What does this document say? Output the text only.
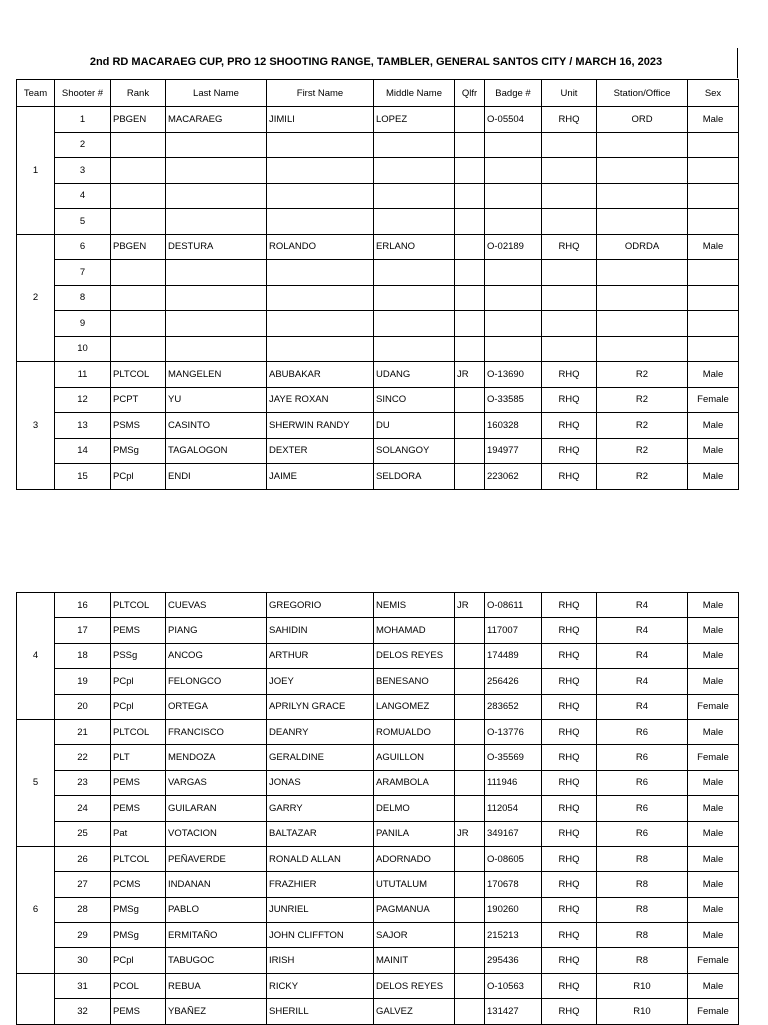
2nd RD MACARAEG CUP, PRO 12 SHOOTING RANGE, TAMBLER, GENERAL SANTOS CITY / MARCH 16, 2023
Team	Shooter #	Rank	Last Name	First Name	Middle Name	Qlfr	Badge #	Unit	Station/Office	Sex
1	1	PBGEN	MACARAEG	JIMILI	LOPEZ		O-05504	RHQ	ORD	Male
	2									
	3									
	4									
	5									
2	6	PBGEN	DESTURA	ROLANDO	ERLANO		O-02189	RHQ	ODRDA	Male
	7									
	8									
	9									
	10									
3	11	PLTCOL	MANGELEN	ABUBAKAR	UDANG	JR	O-13690	RHQ	R2	Male
	12	PCPT	YU	JAYE ROXAN	SINCO		O-33585	RHQ	R2	Female
	13	PSMS	CASINTO	SHERWIN RANDY	DU		160328	RHQ	R2	Male
	14	PMSg	TAGALOGON	DEXTER	SOLANGOY		194977	RHQ	R2	Male
	15	PCpl	ENDI	JAIME	SELDORA		223062	RHQ	R2	Male
4	16	PLTCOL	CUEVAS	GREGORIO	NEMIS	JR	O-08611	RHQ	R4	Male
	17	PEMS	PIANG	SAHIDIN	MOHAMAD		117007	RHQ	R4	Male
	18	PSSg	ANCOG	ARTHUR	DELOS REYES		174489	RHQ	R4	Male
	19	PCpl	FELONGCO	JOEY	BENESANO		256426	RHQ	R4	Male
	20	PCpl	ORTEGA	APRILYN GRACE	LANGOMEZ		283652	RHQ	R4	Female
5	21	PLTCOL	FRANCISCO	DEANRY	ROMUALDO		O-13776	RHQ	R6	Male
	22	PLT	MENDOZA	GERALDINE	AGUILLON		O-35569	RHQ	R6	Female
	23	PEMS	VARGAS	JONAS	ARAMBOLA		111946	RHQ	R6	Male
	24	PEMS	GUILARAN	GARRY	DELMO		112054	RHQ	R6	Male
	25	Pat	VOTACION	BALTAZAR	PANILA	JR	349167	RHQ	R6	Male
6	26	PLTCOL	PEÑAVERDE	RONALD ALLAN	ADORNADO		O-08605	RHQ	R8	Male
	27	PCMS	INDANAN	FRAZHIER	UTUTALUM		170678	RHQ	R8	Male
	28	PMSg	PABLO	JUNRIEL	PAGMANUA		190260	RHQ	R8	Male
	29	PMSg	ERMITAÑO	JOHN CLIFFTON	SAJOR		215213	RHQ	R8	Male
	30	PCpl	TABUGOC	IRISH	MAINIT		295436	RHQ	R8	Female
	31	PCOL	REBUA	RICKY	DELOS REYES		O-10563	RHQ	R10	Male
	32	PEMS	YBAÑEZ	SHERILL	GALVEZ		131427	RHQ	R10	Female
